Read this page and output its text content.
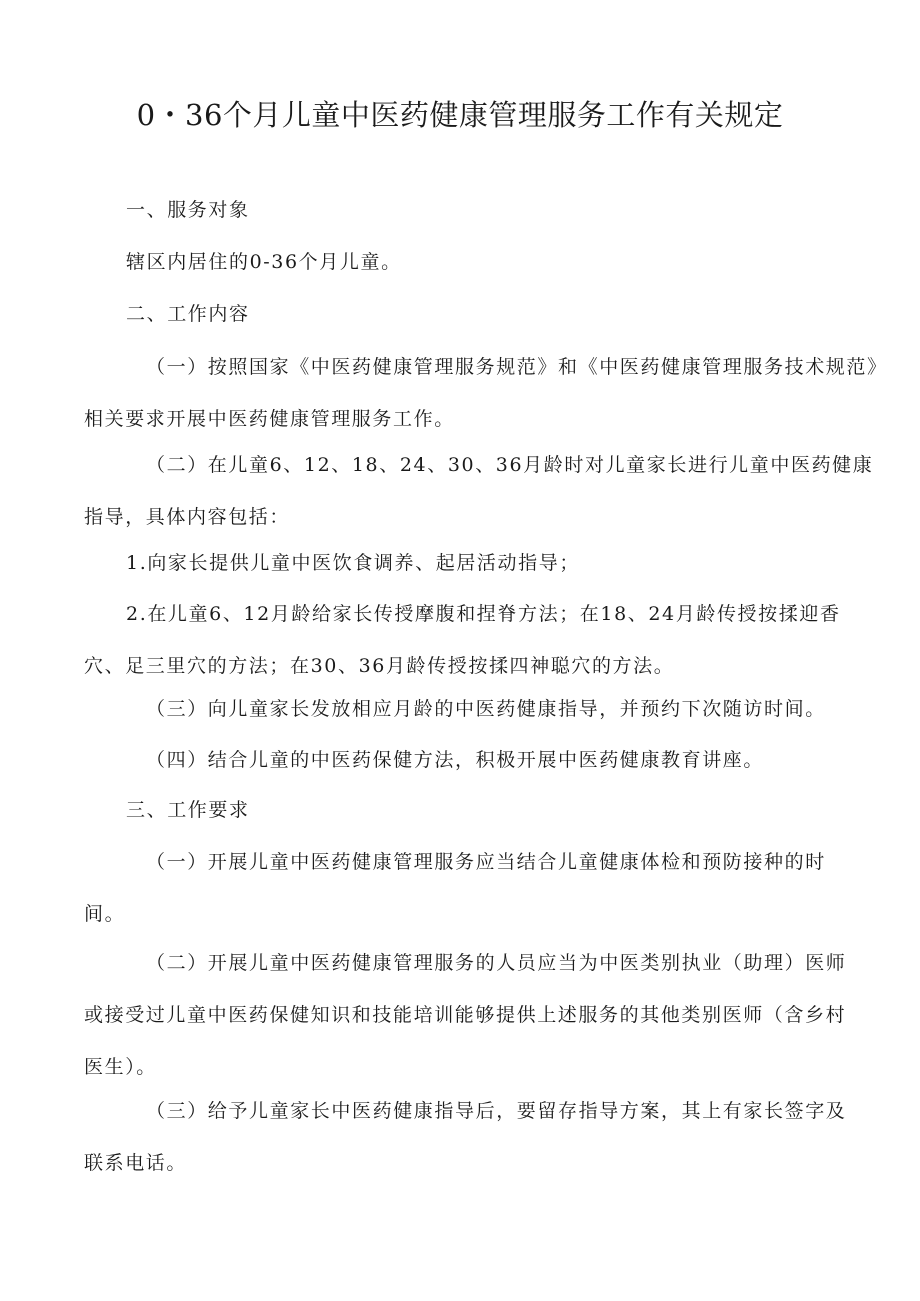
0・36个月儿童中医药健康管理服务工作有关规定

一、服务对象

辖区内居住的0-36个月儿童。

二、工作内容

（一）按照国家《中医药健康管理服务规范》和《中医药健康管理服务技术规范》
相关要求开展中医药健康管理服务工作。

（二）在儿童6、12、18、24、30、36月龄时对儿童家长进行儿童中医药健康
指导，具体内容包括：

1.向家长提供儿童中医饮食调养、起居活动指导；

2.在儿童6、12月龄给家长传授摩腹和捏脊方法；在18、24月龄传授按揉迎香
穴、足三里穴的方法；在30、36月龄传授按揉四神聪穴的方法。

（三）向儿童家长发放相应月龄的中医药健康指导，并预约下次随访时间。

（四）结合儿童的中医药保健方法，积极开展中医药健康教育讲座。

三、工作要求

（一）开展儿童中医药健康管理服务应当结合儿童健康体检和预防接种的时
间。

（二）开展儿童中医药健康管理服务的人员应当为中医类别执业（助理）医师
或接受过儿童中医药保健知识和技能培训能够提供上述服务的其他类别医师（含乡村
医生）。

（三）给予儿童家长中医药健康指导后，要留存指导方案，其上有家长签字及
联系电话。
